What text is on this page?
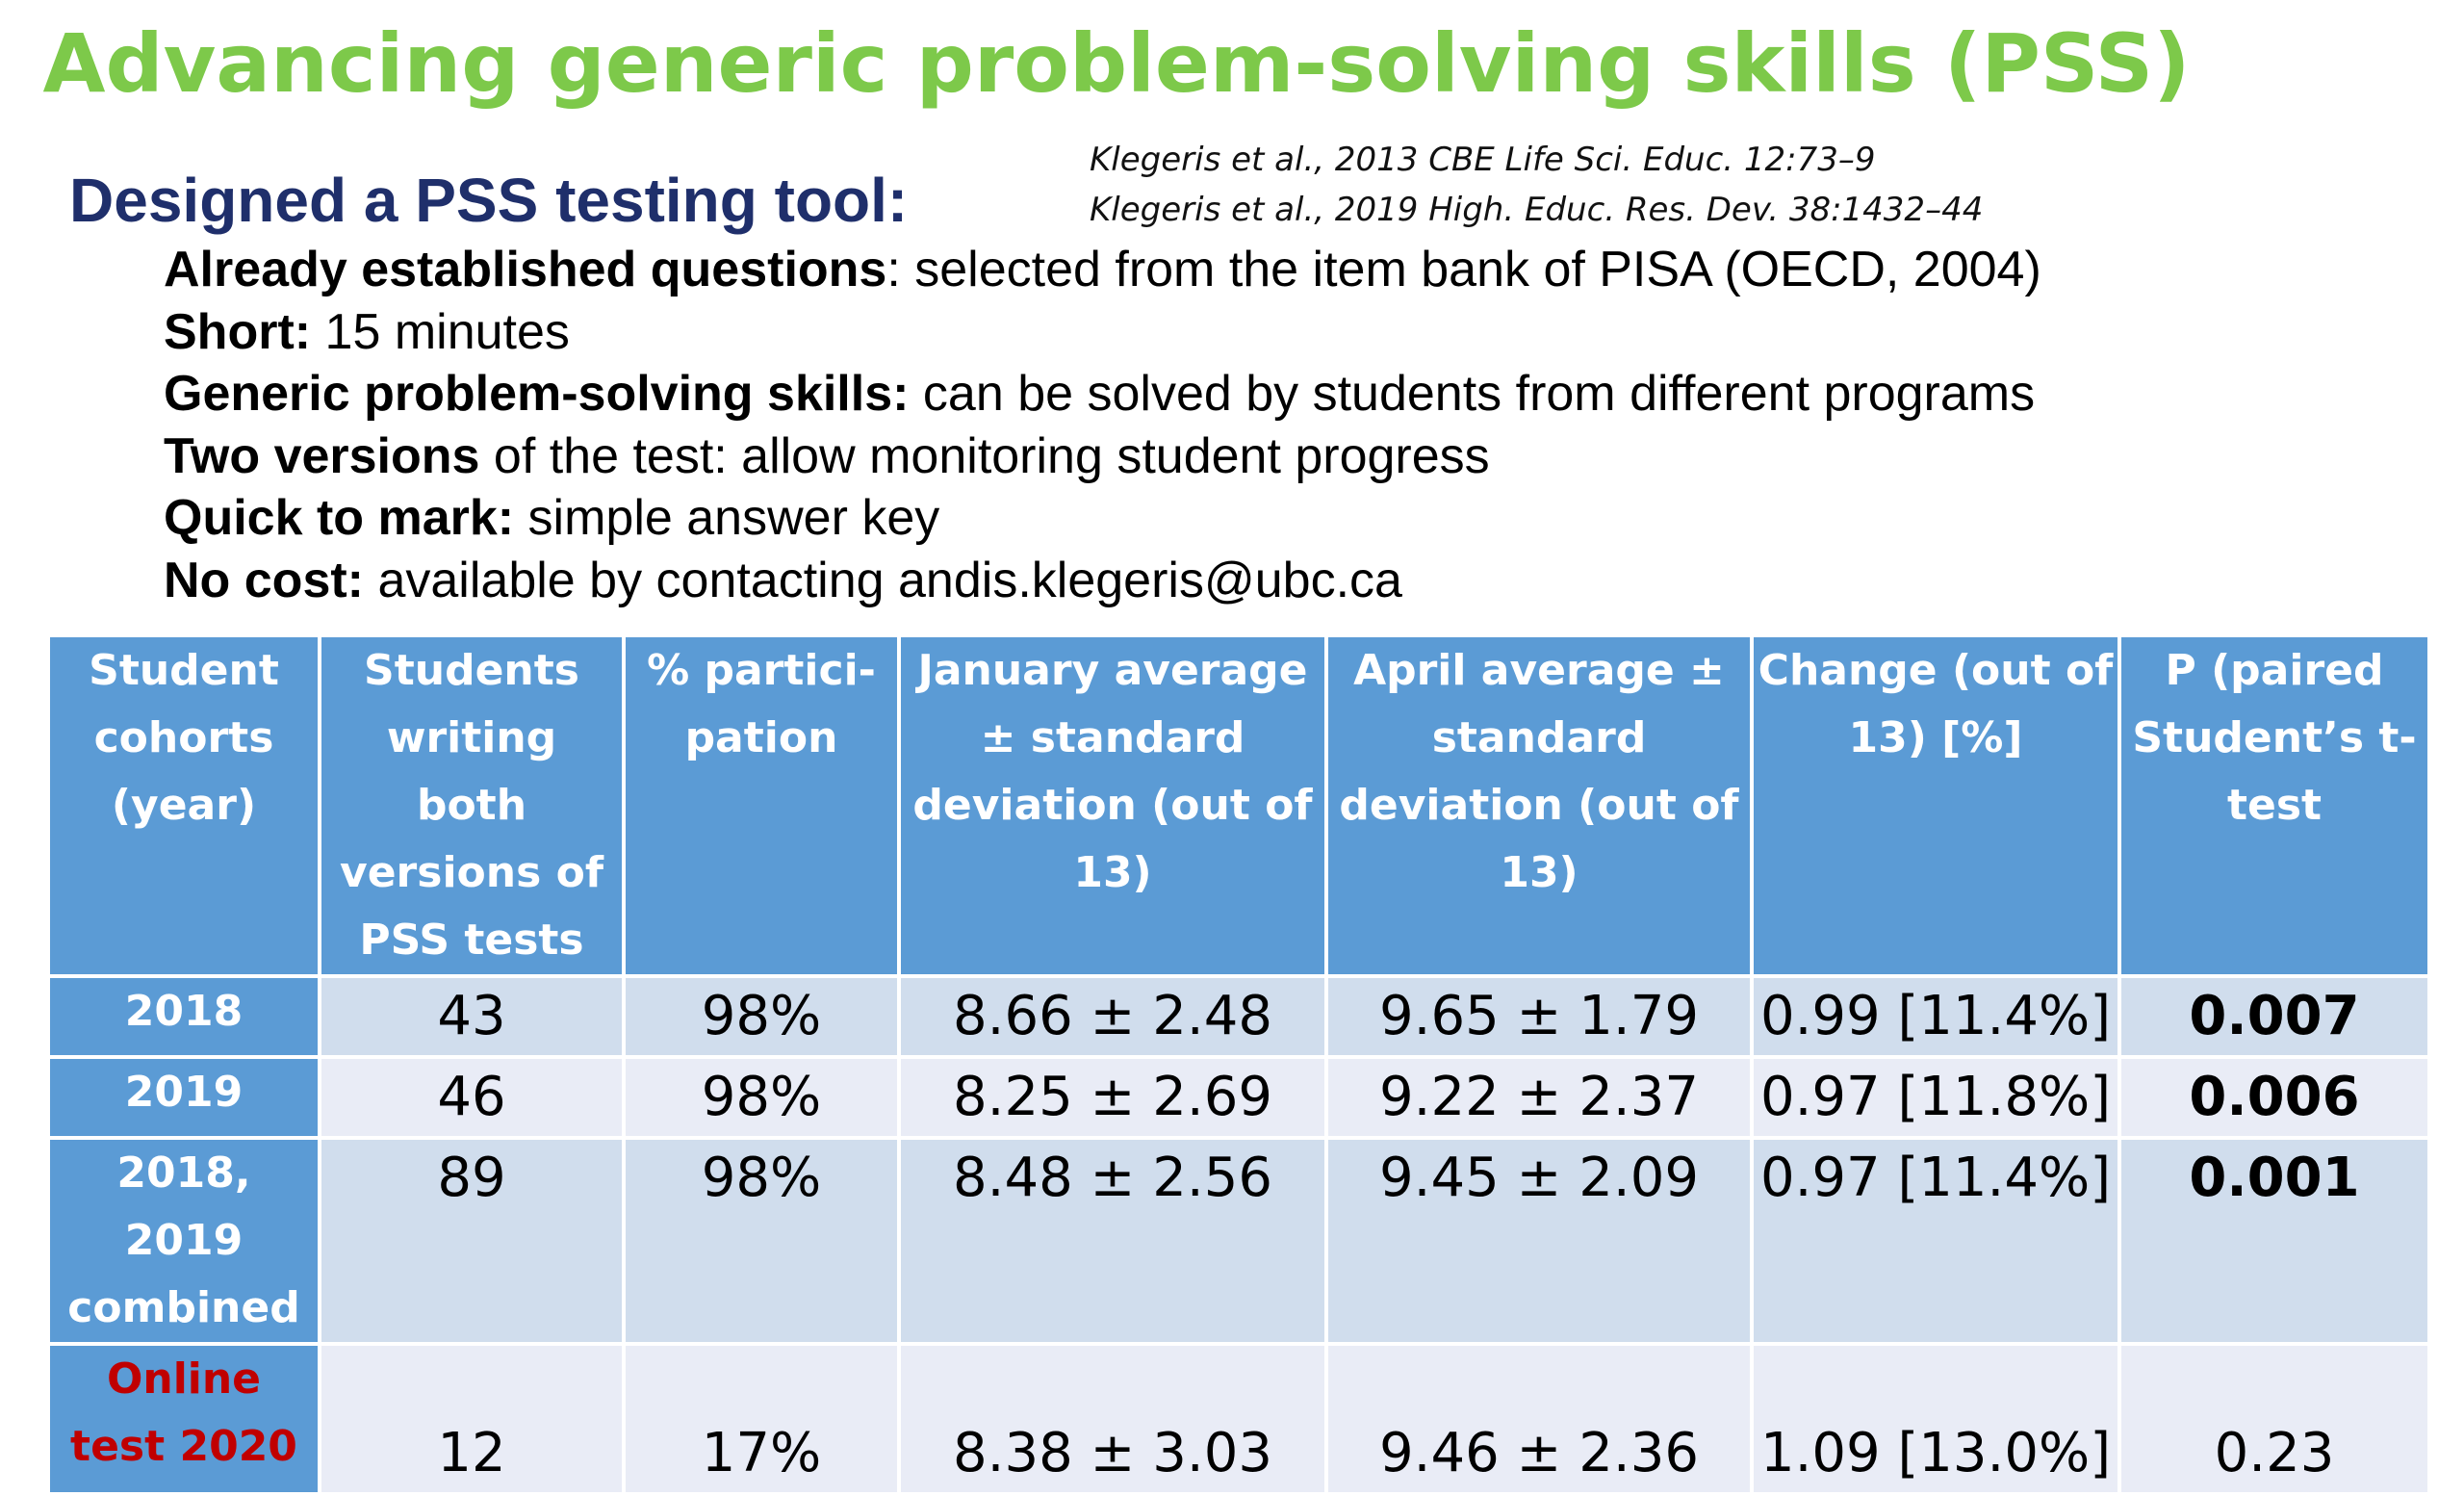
Advancing generic problem-solving skills (PSS)
Designed a PSS testing tool:
Klegeris et al., 2013 CBE Life Sci. Educ. 12:73–9
Klegeris et al., 2019 High. Educ. Res. Dev. 38:1432–44
Already established questions: selected from the item bank of PISA (OECD, 2004)
Short: 15 minutes
Generic problem-solving skills: can be solved by students from different programs
Two versions of the test: allow monitoring student progress
Quick to mark: simple answer key
No cost: available by contacting andis.klegeris@ubc.ca
Student cohorts (year)	Students writing both versions of PSS tests	% partici-pation	January average ± standard deviation (out of 13)	April average ± standard deviation (out of 13)	Change (out of 13) [%]	P (paired Student’s t-test
2018	43	98%	8.66 ± 2.48	9.65 ± 1.79	0.99 [11.4%]	0.007
2019	46	98%	8.25 ± 2.69	9.22 ± 2.37	0.97 [11.8%]	0.006
2018, 2019 combined	89	98%	8.48 ± 2.56	9.45 ± 2.09	0.97 [11.4%]	0.001
Online test 2020	12	17%	8.38 ± 3.03	9.46 ± 2.36	1.09 [13.0%]	0.23
